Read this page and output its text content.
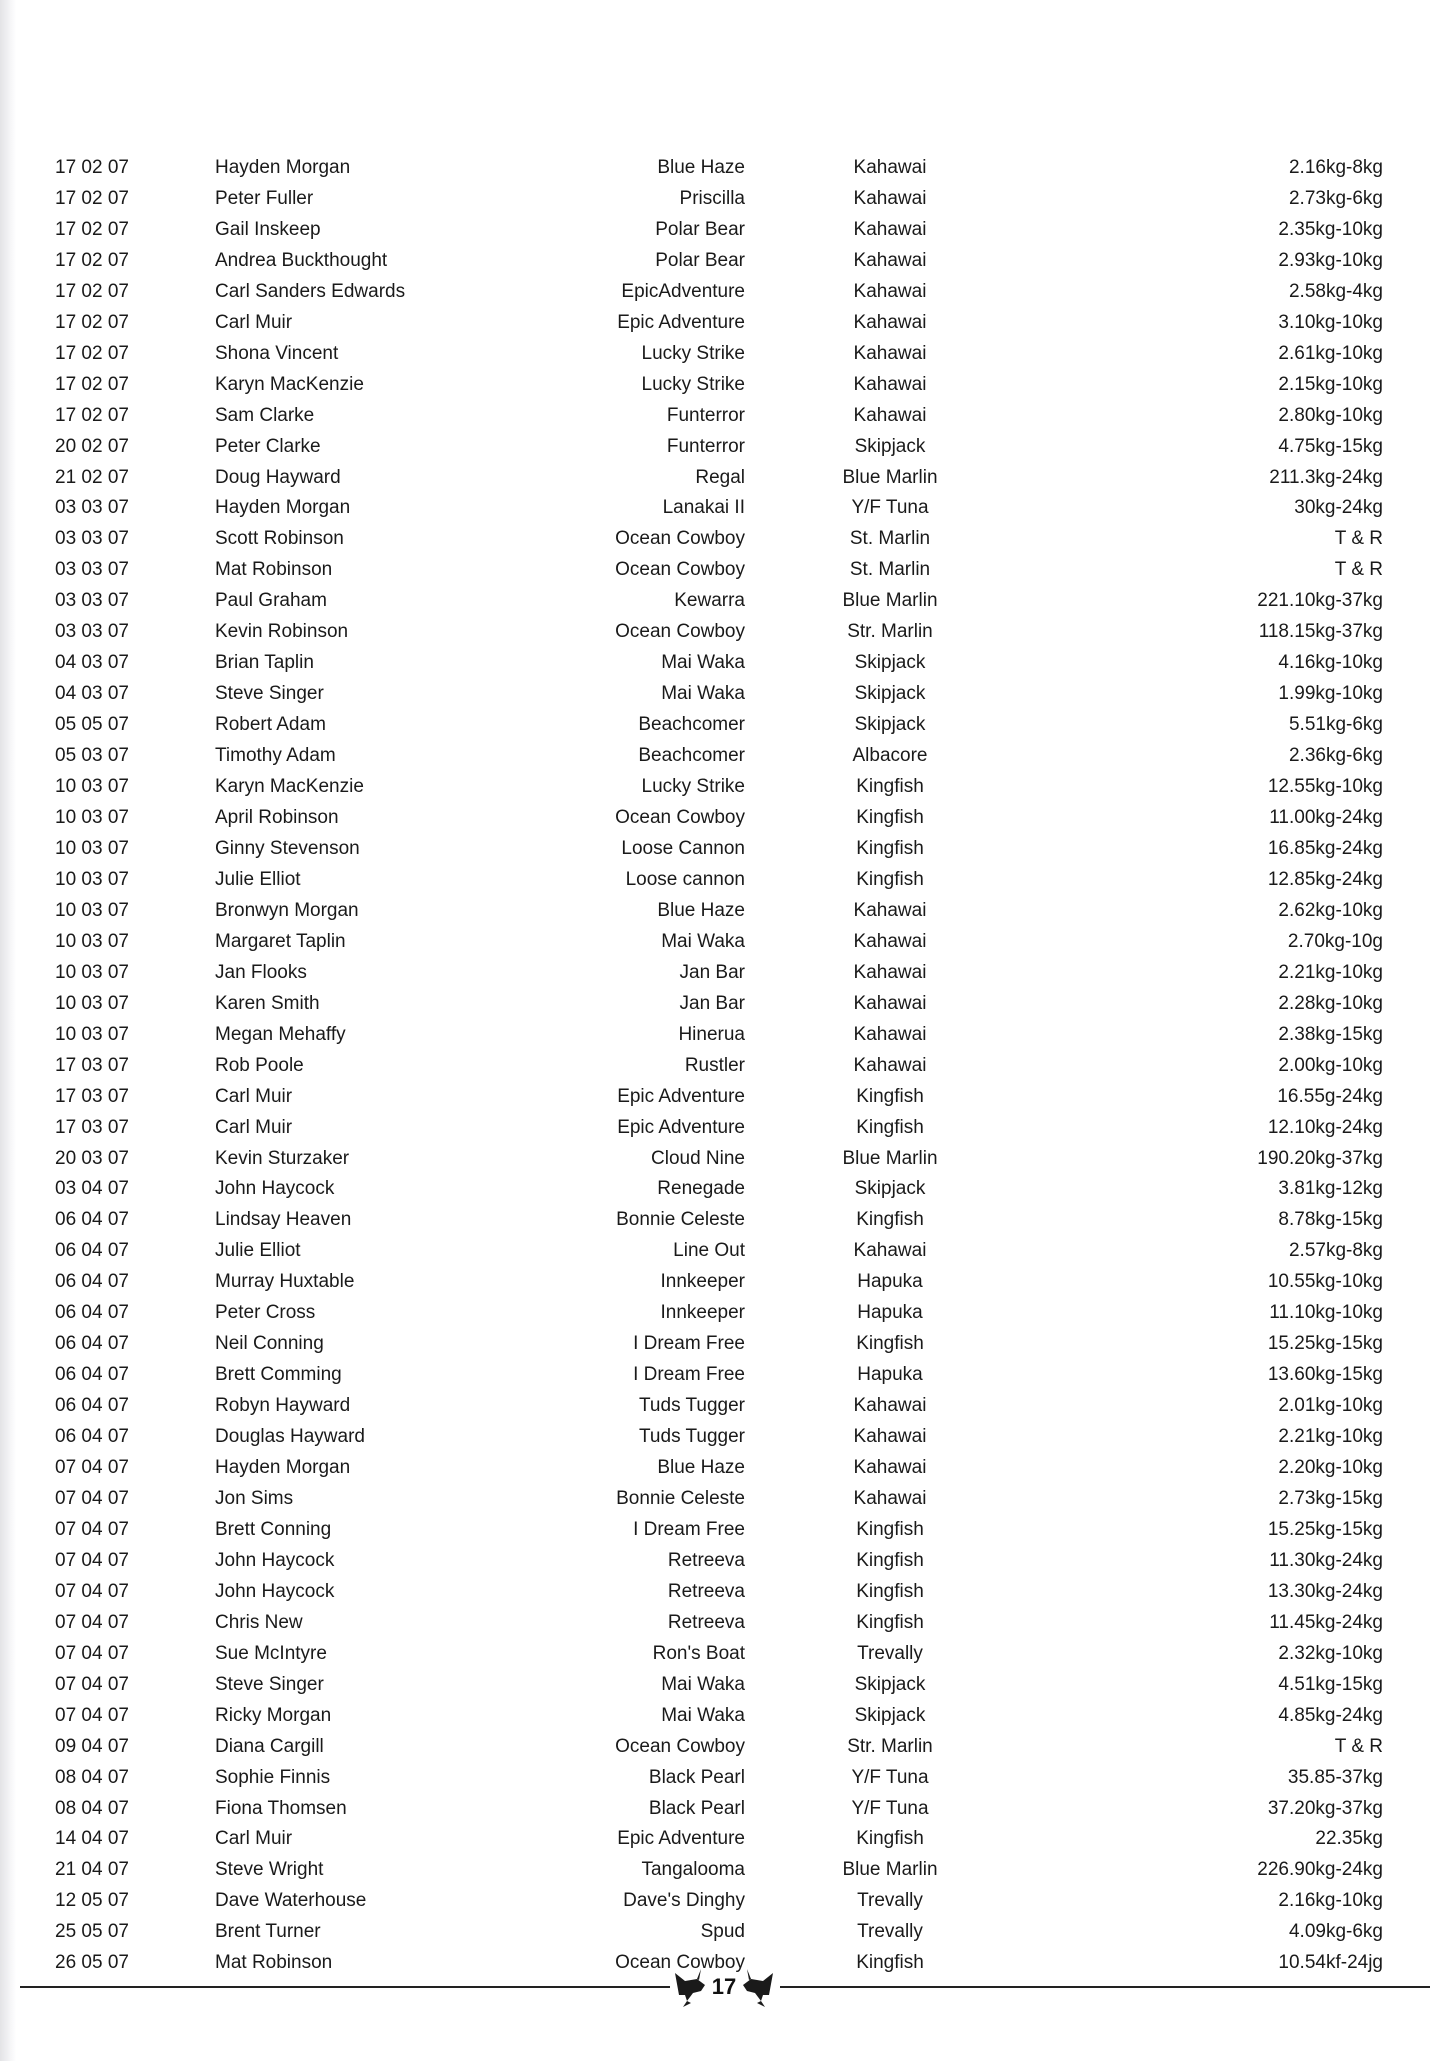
17 02 07	Hayden Morgan	Blue Haze	Kahawai	2.16kg-8kg
17 02 07	Peter Fuller	Priscilla	Kahawai	2.73kg-6kg
17 02 07	Gail Inskeep	Polar Bear	Kahawai	2.35kg-10kg
17 02 07	Andrea Buckthought	Polar Bear	Kahawai	2.93kg-10kg
17 02 07	Carl Sanders Edwards	EpicAdventure	Kahawai	2.58kg-4kg
17 02 07	Carl Muir	Epic Adventure	Kahawai	3.10kg-10kg
17 02 07	Shona Vincent	Lucky Strike	Kahawai	2.61kg-10kg
17 02 07	Karyn MacKenzie	Lucky Strike	Kahawai	2.15kg-10kg
17 02 07	Sam Clarke	Funterror	Kahawai	2.80kg-10kg
20 02 07	Peter Clarke	Funterror	Skipjack	4.75kg-15kg
21 02 07	Doug Hayward	Regal	Blue Marlin	211.3kg-24kg
03 03 07	Hayden Morgan	Lanakai II	Y/F Tuna	30kg-24kg
03 03 07	Scott Robinson	Ocean Cowboy	St. Marlin	T & R
03 03 07	Mat Robinson	Ocean Cowboy	St. Marlin	T & R
03 03 07	Paul Graham	Kewarra	Blue Marlin	221.10kg-37kg
03 03 07	Kevin Robinson	Ocean Cowboy	Str. Marlin	118.15kg-37kg
04 03 07	Brian Taplin	Mai Waka	Skipjack	4.16kg-10kg
04 03 07	Steve Singer	Mai Waka	Skipjack	1.99kg-10kg
05 05 07	Robert Adam	Beachcomer	Skipjack	5.51kg-6kg
05 03 07	Timothy Adam	Beachcomer	Albacore	2.36kg-6kg
10 03 07	Karyn MacKenzie	Lucky Strike	Kingfish	12.55kg-10kg
10 03 07	April Robinson	Ocean Cowboy	Kingfish	11.00kg-24kg
10 03 07	Ginny Stevenson	Loose Cannon	Kingfish	16.85kg-24kg
10 03 07	Julie Elliot	Loose cannon	Kingfish	12.85kg-24kg
10 03 07	Bronwyn Morgan	Blue Haze	Kahawai	2.62kg-10kg
10 03 07	Margaret Taplin	Mai Waka	Kahawai	2.70kg-10g
10 03 07	Jan Flooks	Jan Bar	Kahawai	2.21kg-10kg
10 03 07	Karen Smith	Jan Bar	Kahawai	2.28kg-10kg
10 03 07	Megan Mehaffy	Hinerua	Kahawai	2.38kg-15kg
17 03 07	Rob Poole	Rustler	Kahawai	2.00kg-10kg
17 03 07	Carl Muir	Epic Adventure	Kingfish	16.55g-24kg
17 03 07	Carl Muir	Epic Adventure	Kingfish	12.10kg-24kg
20 03 07	Kevin Sturzaker	Cloud Nine	Blue Marlin	190.20kg-37kg
03 04 07	John Haycock	Renegade	Skipjack	3.81kg-12kg
06 04 07	Lindsay Heaven	Bonnie Celeste	Kingfish	8.78kg-15kg
06 04 07	Julie Elliot	Line Out	Kahawai	2.57kg-8kg
06 04 07	Murray Huxtable	Innkeeper	Hapuka	10.55kg-10kg
06 04 07	Peter Cross	Innkeeper	Hapuka	11.10kg-10kg
06 04 07	Neil Conning	I Dream Free	Kingfish	15.25kg-15kg
06 04 07	Brett Comming	I Dream Free	Hapuka	13.60kg-15kg
06 04 07	Robyn Hayward	Tuds Tugger	Kahawai	2.01kg-10kg
06 04 07	Douglas Hayward	Tuds Tugger	Kahawai	2.21kg-10kg
07 04 07	Hayden Morgan	Blue Haze	Kahawai	2.20kg-10kg
07 04 07	Jon Sims	Bonnie Celeste	Kahawai	2.73kg-15kg
07 04 07	Brett Conning	I Dream Free	Kingfish	15.25kg-15kg
07 04 07	John Haycock	Retreeva	Kingfish	11.30kg-24kg
07 04 07	John Haycock	Retreeva	Kingfish	13.30kg-24kg
07 04 07	Chris New	Retreeva	Kingfish	11.45kg-24kg
07 04 07	Sue McIntyre	Ron's Boat	Trevally	2.32kg-10kg
07 04 07	Steve Singer	Mai Waka	Skipjack	4.51kg-15kg
07 04 07	Ricky Morgan	Mai Waka	Skipjack	4.85kg-24kg
09 04 07	Diana Cargill	Ocean Cowboy	Str. Marlin	T & R
08 04 07	Sophie Finnis	Black Pearl	Y/F Tuna	35.85-37kg
08 04 07	Fiona Thomsen	Black Pearl	Y/F Tuna	37.20kg-37kg
14 04 07	Carl Muir	Epic Adventure	Kingfish	22.35kg
21 04 07	Steve Wright	Tangalooma	Blue Marlin	226.90kg-24kg
12 05 07	Dave Waterhouse	Dave's Dinghy	Trevally	2.16kg-10kg
25 05 07	Brent Turner	Spud	Trevally	4.09kg-6kg
26 05 07	Mat Robinson	Ocean Cowboy	Kingfish	10.54kf-24jg
17
